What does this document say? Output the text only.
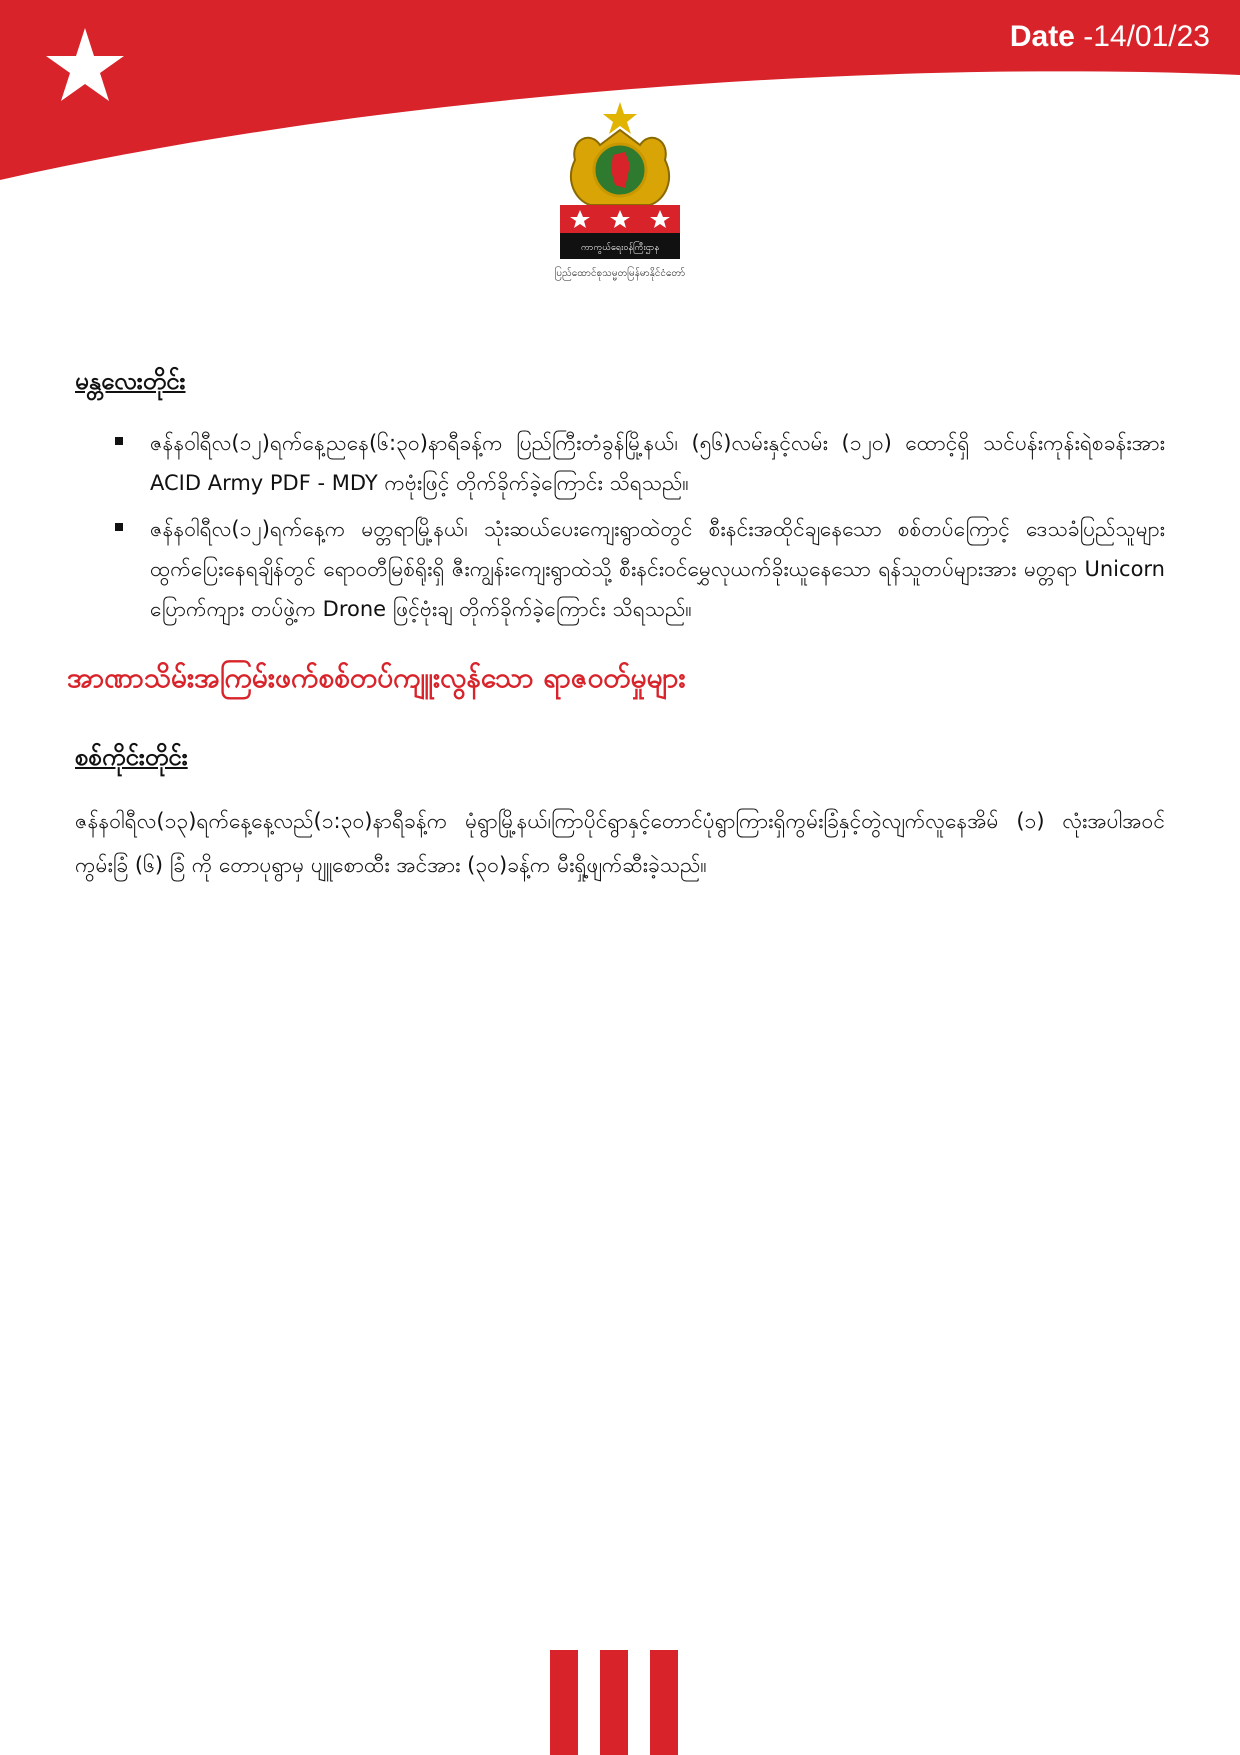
Date -14/01/23
ကာကွယ်ရေးဝန်ကြီးဌာန
ပြည်ထောင်စုသမ္မတမြန်မာနိုင်ငံတော်
မန္တလေးတိုင်း
ဇန်နဝါရီလ(၁၂)ရက်နေ့ညနေ(၆:၃၀)နာရီခန့်က ပြည်ကြီးတံခွန်မြို့နယ်၊ (၅၆)လမ်းနှင့်လမ်း (၁၂၀) ထောင့်ရှိ သင်ပန်းကုန်းရဲစခန်းအား ACID Army PDF - MDY ကဗုံးဖြင့် တိုက်ခိုက်ခဲ့ကြောင်း သိရသည်။
ဇန်နဝါရီလ(၁၂)ရက်နေ့က မတ္တရာမြို့နယ်၊ သုံးဆယ်ပေးကျေးရွာထဲတွင် စီးနင်းအထိုင်ချနေသော စစ်တပ်ကြောင့် ဒေသခံပြည်သူများ ထွက်ပြေးနေရချိန်တွင် ရောဝတီမြစ်ရိုးရှိ ဇီးကျွန်းကျေးရွာထဲသို့ စီးနင်းဝင်မွှေလုယက်ခိုးယူနေသော ရန်သူတပ်များအား မတ္တရာ Unicorn ပြောက်ကျား တပ်ဖွဲ့က Drone ဖြင့်ဗုံးချ တိုက်ခိုက်ခဲ့ကြောင်း သိရသည်။
အာဏာသိမ်းအကြမ်းဖက်စစ်တပ်ကျူးလွန်သော ရာဇဝတ်မှုများ
စစ်ကိုင်းတိုင်း

ဇန်နဝါရီလ(၁၃)ရက်နေ့နေ့လည်(၁:၃၀)နာရီခန့်က မုံရွာမြို့နယ်၊ကြာပိုင်ရွာနှင့်တောင်ပုံရွာကြားရှိကွမ်းခြံနှင့်တွဲလျက်လူနေအိမ် (၁) လုံးအပါအဝင် ကွမ်းခြံ (၆) ခြံ ကို တောပုရွာမှ ပျူစောထီး အင်အား (၃၀)ခန့်က မီးရှို့ဖျက်ဆီးခဲ့သည်။
